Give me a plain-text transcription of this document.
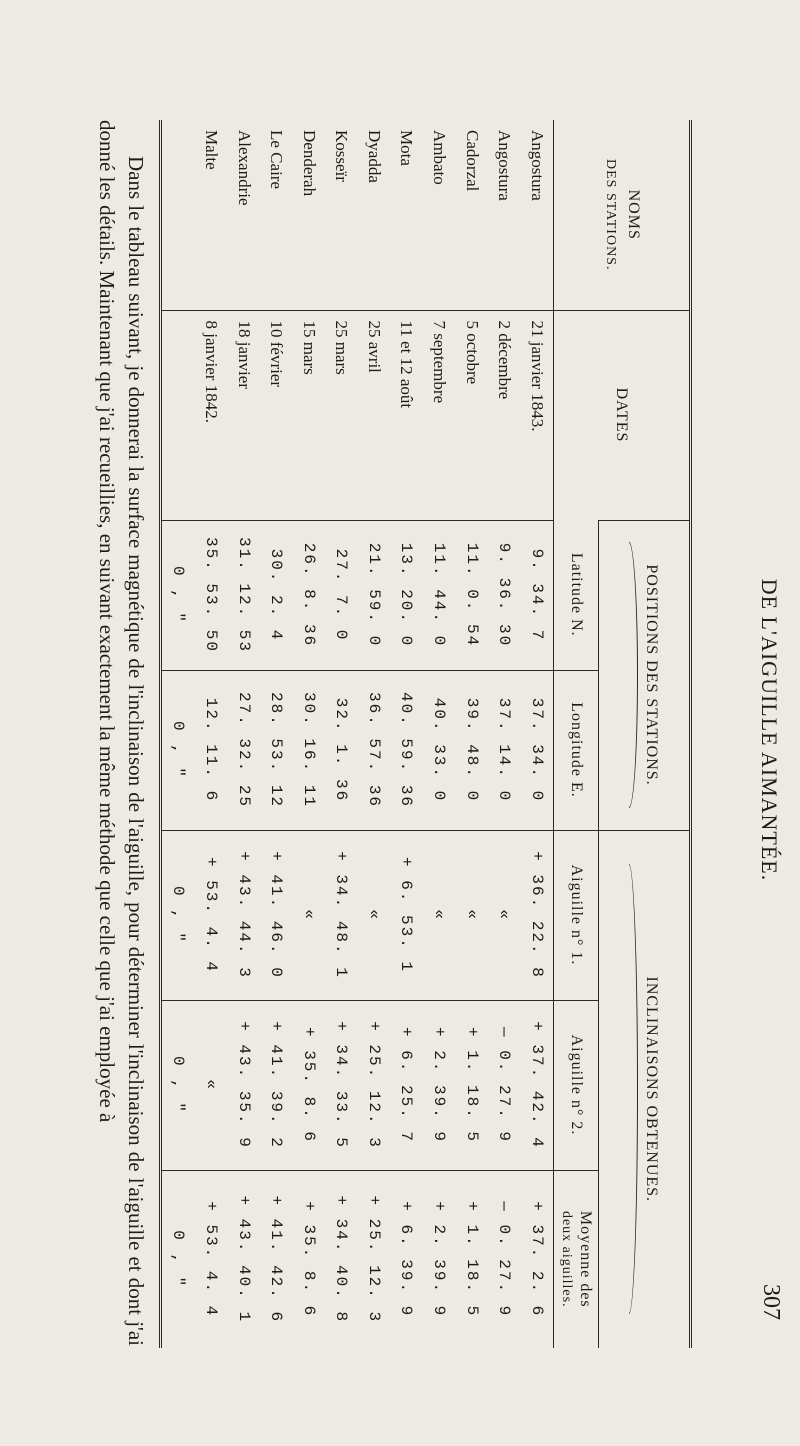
DE L'AIGUILLE AIMANTÉE.
307
NOMS
DES STATIONS.	DATES	POSITIONS DES STATIONS.		INCLINAISONS OBTENUES.		

		Latitude N.	Longitude E.	Aiguille n° 1.	Aiguille n° 2.	Moyenne des
deux aiguilles.
Angostura	21 janvier 1843.	9. 34. 7	37. 34. 0	+ 36. 22. 8	+ 37. 42. 4	+ 37. 2. 6
Angostura	2 décembre	9. 36. 30	37. 14. 0	«	— 0. 27. 9	— 0. 27. 9
Cadorzal	5 octobre	11. 0. 54	39. 48. 0	«	+ 1. 18. 5	+ 1. 18. 5
Ambato	7 septembre	11. 44. 0	40. 33. 0	«	+ 2. 39. 9	+ 2. 39. 9
Mota	11 et 12 août	13. 20. 0	40. 59. 36	+ 6. 53. 1	+ 6. 25. 7	+ 6. 39. 9
Dyadda	25 avril	21. 59. 0	36. 57. 36	«	+ 25. 12. 3	+ 25. 12. 3
Kosseïr	25 mars	27. 7. 0	32. 1. 36	+ 34. 48. 1	+ 34. 33. 5	+ 34. 40. 8
Denderah	15 mars	26. 8. 36	30. 16. 11	«	+ 35. 8. 6	+ 35. 8. 6
Le Caire	10 février	30. 2. 4	28. 53. 12	+ 41. 46. 0	+ 41. 39. 2	+ 41. 42. 6
Alexandrie	18 janvier	31. 12. 53	27. 32. 25	+ 43. 44. 3	+ 43. 35. 9	+ 43. 40. 1
Malte	8 janvier 1842.	35. 53. 50	12. 11. 6	+ 53. 4. 4	«	+ 53. 4. 4
		0 , "	0 , "	0 , "	0 , "	0 , "

Dans le tableau suivant, je donnerai la surface magnétique de l'inclinaison de l'aiguille, pour déterminer l'inclinaison de l'aiguille et dont j'ai donné les détails. Maintenant que j'ai recueillies, en suivant exactement la même méthode que celle que j'ai employée à
